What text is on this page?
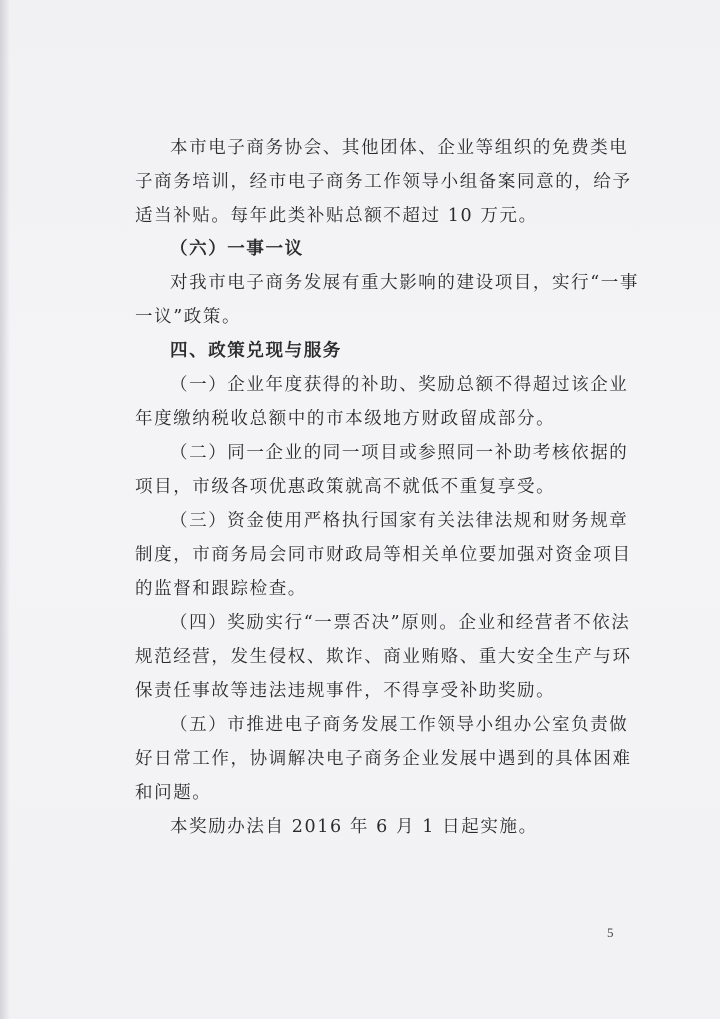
本市电子商务协会、其他团体、企业等组织的免费类电
子商务培训，经市电子商务工作领导小组备案同意的，给予
适当补贴。每年此类补贴总额不超过 10 万元。
（六）一事一议
对我市电子商务发展有重大影响的建设项目，实行“一事
一议”政策。
四、政策兑现与服务
（一）企业年度获得的补助、奖励总额不得超过该企业
年度缴纳税收总额中的市本级地方财政留成部分。
（二）同一企业的同一项目或参照同一补助考核依据的
项目，市级各项优惠政策就高不就低不重复享受。
（三）资金使用严格执行国家有关法律法规和财务规章
制度，市商务局会同市财政局等相关单位要加强对资金项目
的监督和跟踪检查。
（四）奖励实行“一票否决”原则。企业和经营者不依法
规范经营，发生侵权、欺诈、商业贿赂、重大安全生产与环
保责任事故等违法违规事件，不得享受补助奖励。
（五）市推进电子商务发展工作领导小组办公室负责做
好日常工作，协调解决电子商务企业发展中遇到的具体困难
和问题。
本奖励办法自 2016 年 6 月 1 日起实施。
5
